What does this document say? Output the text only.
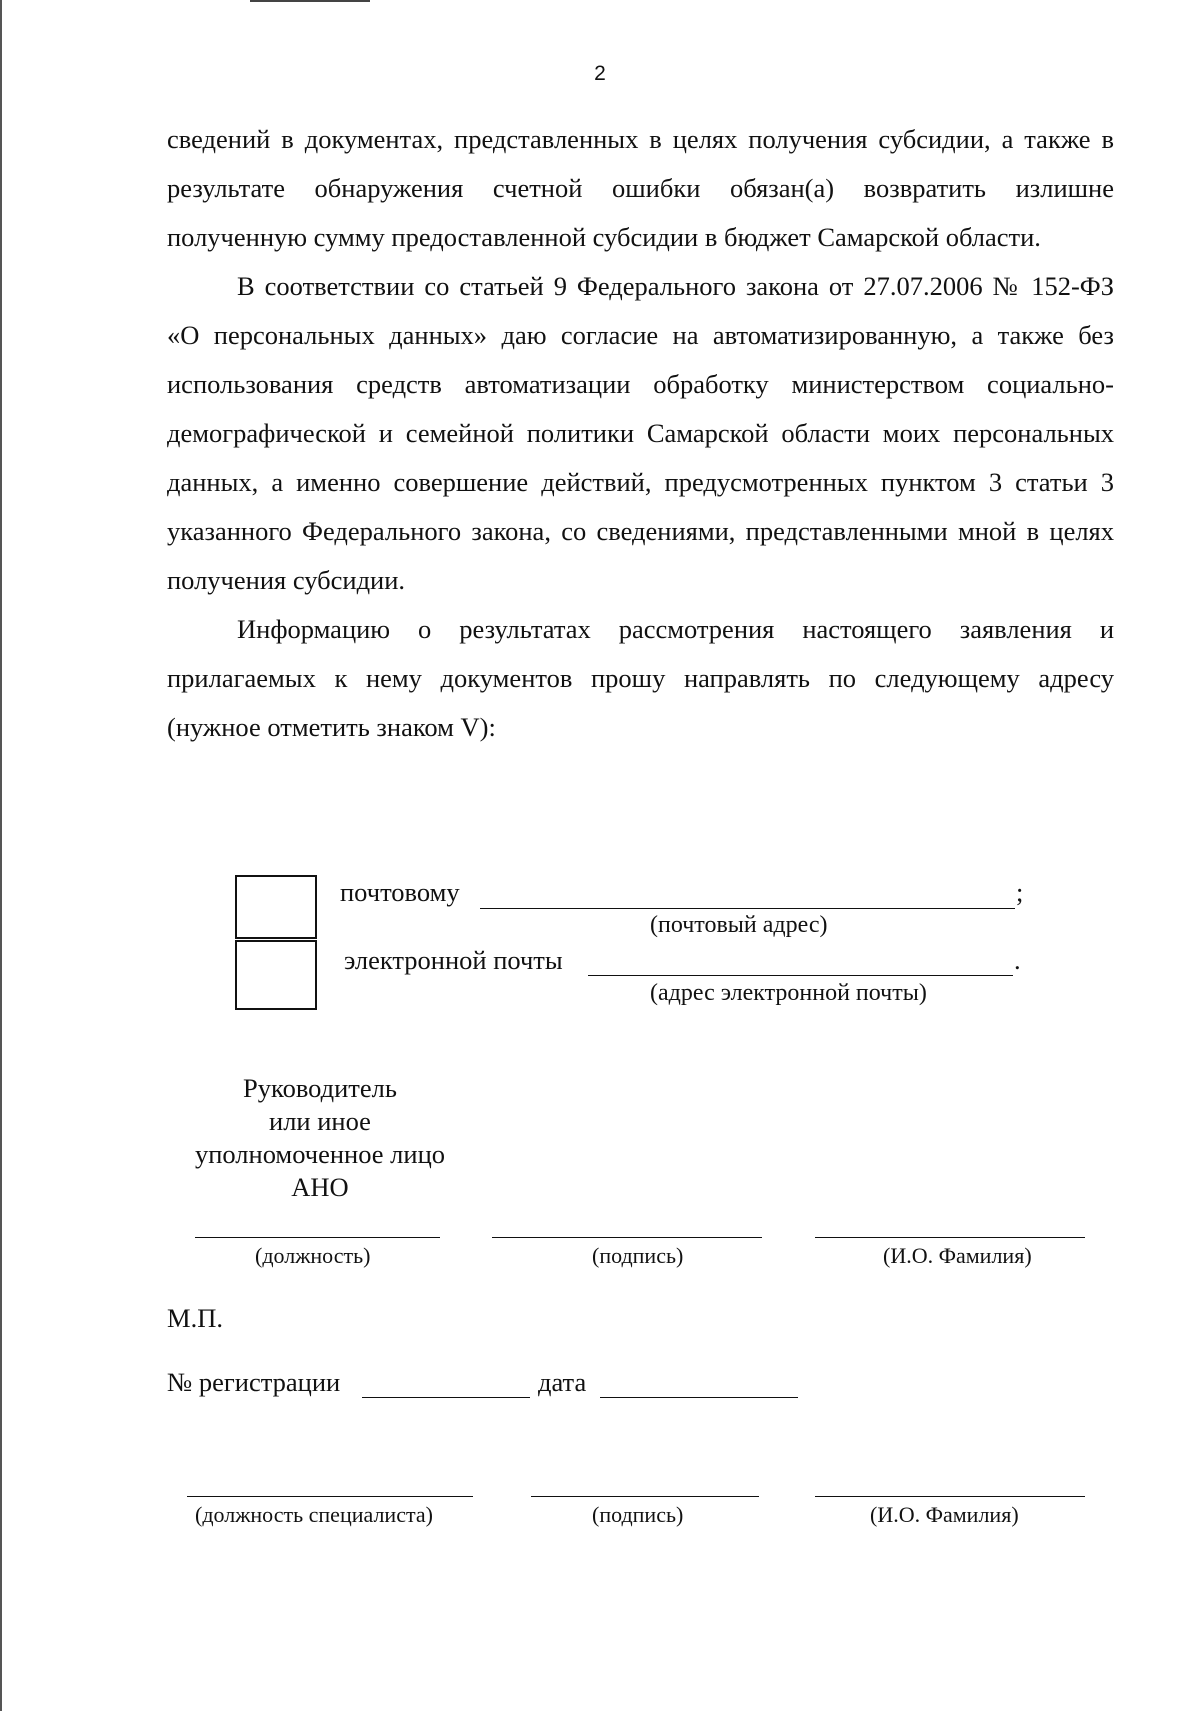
2

сведений в документах, представленных в целях получения субсидии, а также в результате обнаружения счетной ошибки обязан(а) возвратить излишне полученную сумму предоставленной субсидии в бюджет Самарской области.

В соответствии со статьей 9 Федерального закона от 27.07.2006 № 152-ФЗ «О персональных данных» даю согласие на автоматизированную, а также без использования средств автоматизации обработку министерством социально-демографической и семейной политики Самарской области моих персональных данных, а именно совершение действий, предусмотренных пунктом 3 статьи 3 указанного Федерального закона, со сведениями, представленными мной в целях получения субсидии.

Информацию о результатах рассмотрения настоящего заявления и прилагаемых к нему документов прошу направлять по следующему адресу (нужное отметить знаком V):

почтовому	;
(почтовый адрес)
электронной почты	.
(адрес электронной почты)
Руководитель
или иное
уполномоченное лицо
АНО
(должность)	(подпись)	(И.О. Фамилия)
М.П.
№ регистрации	дата
(должность специалиста)	(подпись)	(И.О. Фамилия)
